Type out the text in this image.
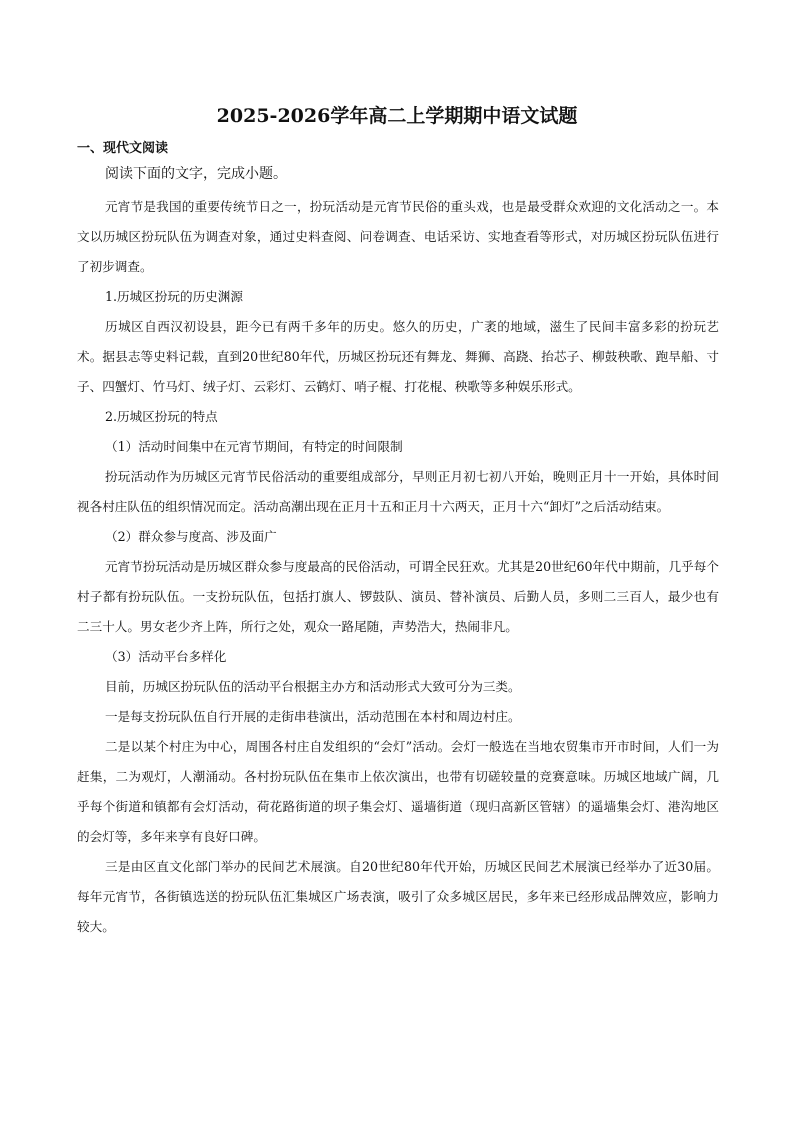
2025-2026学年高二上学期期中语文试题
一、现代文阅读
阅读下面的文字，完成小题。

元宵节是我国的重要传统节日之一，扮玩活动是元宵节民俗的重头戏，也是最受群众欢迎的文化活动之一。本文以历城区扮玩队伍为调查对象，通过史料查阅、问卷调查、电话采访、实地查看等形式，对历城区扮玩队伍进行了初步调查。

1.历城区扮玩的历史渊源

历城区自西汉初设县，距今已有两千多年的历史。悠久的历史，广袤的地域，滋生了民间丰富多彩的扮玩艺术。据县志等史料记载，直到20世纪80年代，历城区扮玩还有舞龙、舞狮、高跷、抬芯子、柳鼓秧歌、跑旱船、寸子、四蟹灯、竹马灯、绒子灯、云彩灯、云鹤灯、哨子棍、打花棍、秧歌等多种娱乐形式。

2.历城区扮玩的特点

（1）活动时间集中在元宵节期间，有特定的时间限制

扮玩活动作为历城区元宵节民俗活动的重要组成部分，早则正月初七初八开始，晚则正月十一开始，具体时间视各村庄队伍的组织情况而定。活动高潮出现在正月十五和正月十六两天，正月十六“卸灯”之后活动结束。

（2）群众参与度高、涉及面广

元宵节扮玩活动是历城区群众参与度最高的民俗活动，可谓全民狂欢。尤其是20世纪60年代中期前，几乎每个村子都有扮玩队伍。一支扮玩队伍，包括打旗人、锣鼓队、演员、替补演员、后勤人员，多则二三百人，最少也有二三十人。男女老少齐上阵，所行之处，观众一路尾随，声势浩大，热闹非凡。

（3）活动平台多样化

目前，历城区扮玩队伍的活动平台根据主办方和活动形式大致可分为三类。

一是每支扮玩队伍自行开展的走街串巷演出，活动范围在本村和周边村庄。

二是以某个村庄为中心，周围各村庄自发组织的“会灯”活动。会灯一般选在当地农贸集市开市时间，人们一为赶集，二为观灯，人潮涌动。各村扮玩队伍在集市上依次演出，也带有切磋较量的竞赛意味。历城区地域广阔，几乎每个街道和镇都有会灯活动，荷花路街道的坝子集会灯、遥墙街道（现归高新区管辖）的遥墙集会灯、港沟地区的会灯等，多年来享有良好口碑。

三是由区直文化部门举办的民间艺术展演。自20世纪80年代开始，历城区民间艺术展演已经举办了近30届。每年元宵节，各街镇选送的扮玩队伍汇集城区广场表演，吸引了众多城区居民，多年来已经形成品牌效应，影响力较大。
